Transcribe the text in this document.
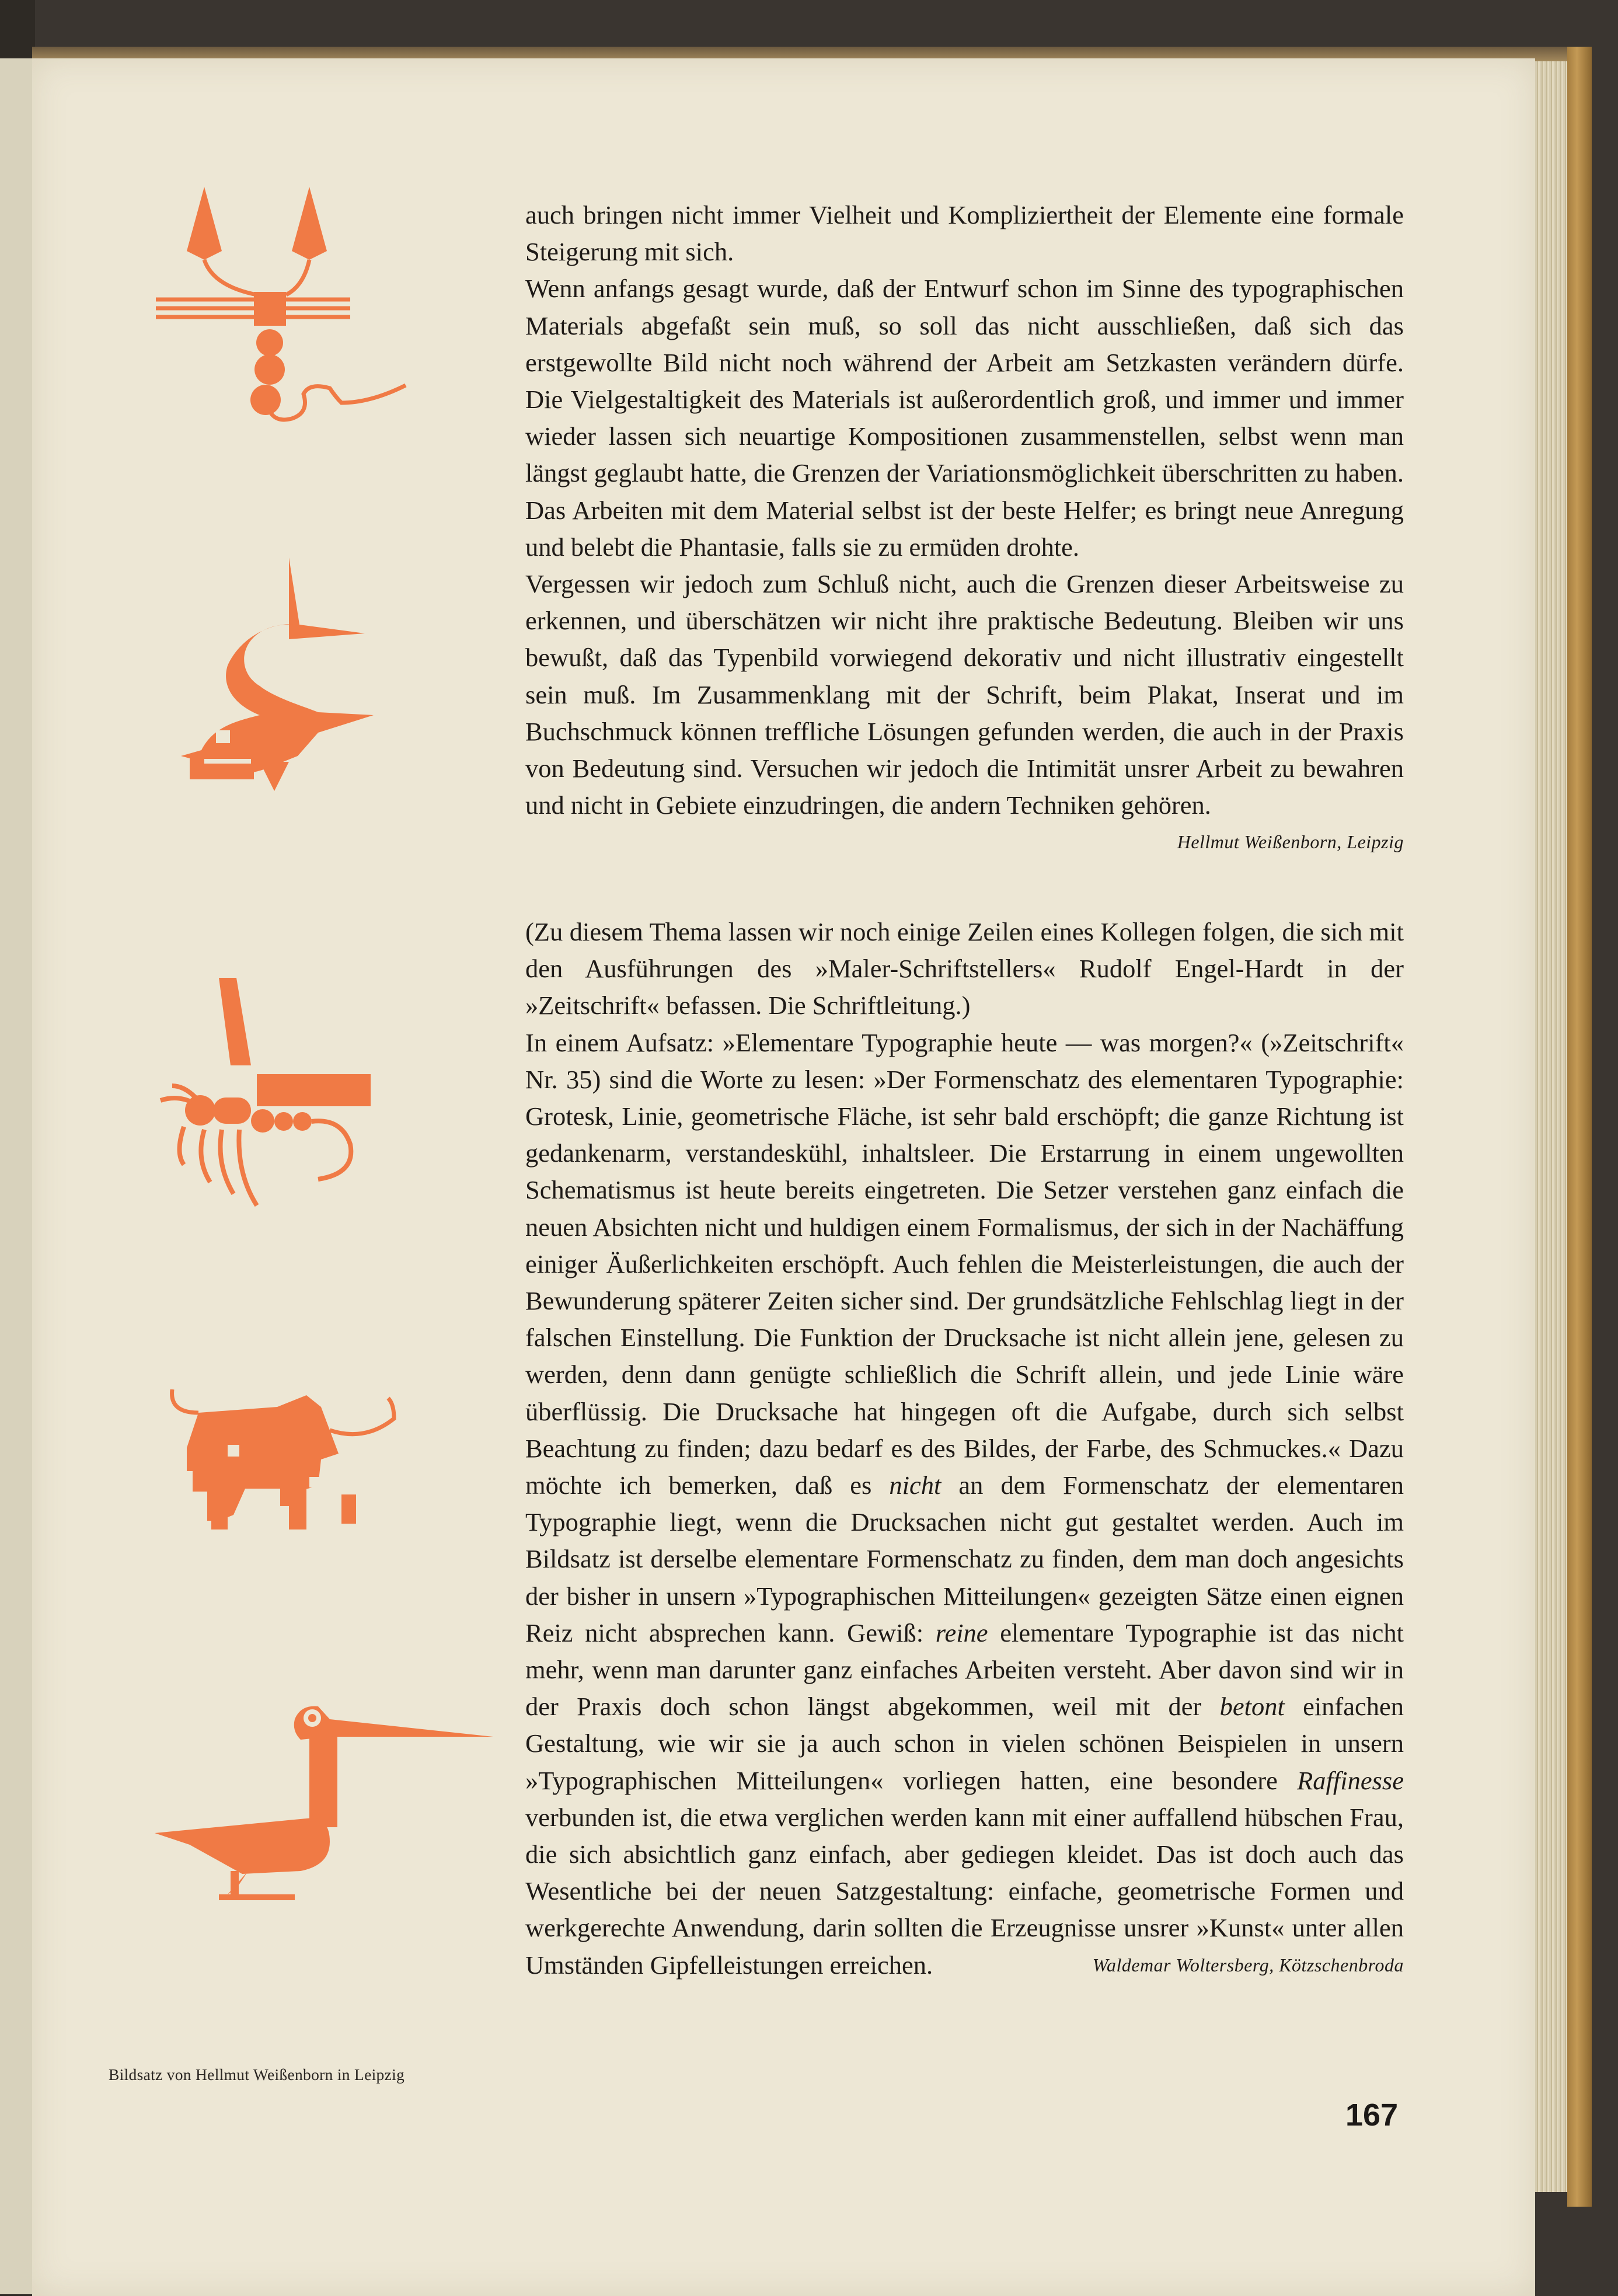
auch bringen nicht immer Vielheit und Kompliziertheit der Elemente eine formale Steigerung mit sich.

Wenn anfangs gesagt wurde, daß der Entwurf schon im Sinne des typographischen Materials abgefaßt sein muß, so soll das nicht ausschließen, daß sich das erstgewollte Bild nicht noch während der Arbeit am Setzkasten verändern dürfe. Die Vielgestaltigkeit des Materials ist außerordentlich groß, und immer und immer wieder lassen sich neuartige Kompositionen zusammenstellen, selbst wenn man längst geglaubt hatte, die Grenzen der Variationsmöglichkeit überschritten zu haben. Das Arbeiten mit dem Material selbst ist der beste Helfer; es bringt neue Anregung und belebt die Phantasie, falls sie zu ermüden drohte.

Vergessen wir jedoch zum Schluß nicht, auch die Grenzen dieser Arbeitsweise zu erkennen, und überschätzen wir nicht ihre praktische Bedeutung. Bleiben wir uns bewußt, daß das Typenbild vorwiegend dekorativ und nicht illustrativ eingestellt sein muß. Im Zusammenklang mit der Schrift, beim Plakat, Inserat und im Buchschmuck können treffliche Lösungen gefunden werden, die auch in der Praxis von Bedeutung sind. Versuchen wir jedoch die Intimität unsrer Arbeit zu bewahren und nicht in Gebiete einzudringen, die andern Techniken gehören.
Hellmut Weißenborn, Leipzig

(Zu diesem Thema lassen wir noch einige Zeilen eines Kollegen folgen, die sich mit den Ausführungen des »Maler-Schriftstellers« Rudolf Engel-Hardt in der »Zeitschrift« befassen. Die Schriftleitung.)

In einem Aufsatz: »Elementare Typographie heute — was morgen?« (»Zeitschrift« Nr. 35) sind die Worte zu lesen: »Der Formenschatz des elementaren Typographie: Grotesk, Linie, geometrische Fläche, ist sehr bald erschöpft; die ganze Richtung ist gedankenarm, verstandeskühl, inhaltsleer. Die Erstarrung in einem ungewollten Schematismus ist heute bereits eingetreten. Die Setzer verstehen ganz einfach die neuen Absichten nicht und huldigen einem Formalismus, der sich in der Nachäffung einiger Äußerlichkeiten erschöpft. Auch fehlen die Meisterleistungen, die auch der Bewunderung späterer Zeiten sicher sind. Der grundsätzliche Fehlschlag liegt in der falschen Einstellung. Die Funktion der Drucksache ist nicht allein jene, gelesen zu werden, denn dann genügte schließlich die Schrift allein, und jede Linie wäre überflüssig. Die Drucksache hat hingegen oft die Aufgabe, durch sich selbst Beachtung zu finden; dazu bedarf es des Bildes, der Farbe, des Schmuckes.« Dazu möchte ich bemerken, daß es nicht an dem Formenschatz der elementaren Typographie liegt, wenn die Drucksachen nicht gut gestaltet werden. Auch im Bildsatz ist derselbe elementare Formenschatz zu finden, dem man doch angesichts der bisher in unsern »Typographischen Mitteilungen« gezeigten Sätze einen eignen Reiz nicht absprechen kann. Gewiß: reine elementare Typographie ist das nicht mehr, wenn man darunter ganz einfaches Arbeiten versteht. Aber davon sind wir in der Praxis doch schon längst abgekommen, weil mit der betont einfachen Gestaltung, wie wir sie ja auch schon in vielen schönen Beispielen in unsern »Typographischen Mitteilungen« vorliegen hatten, eine besondere Raffinesse verbunden ist, die etwa verglichen werden kann mit einer auffallend hübschen Frau, die sich absichtlich ganz einfach, aber gediegen kleidet. Das ist doch auch das Wesentliche bei der neuen Satzgestaltung: einfache, geometrische Formen und werkgerechte Anwendung, darin sollten die Erzeugnisse unsrer »Kunst« unter allen Umständen Gipfelleistungen erreichen.	Waldemar Woltersberg, Kötzschenbroda

Bildsatz von Hellmut Weißenborn in Leipzig
167
